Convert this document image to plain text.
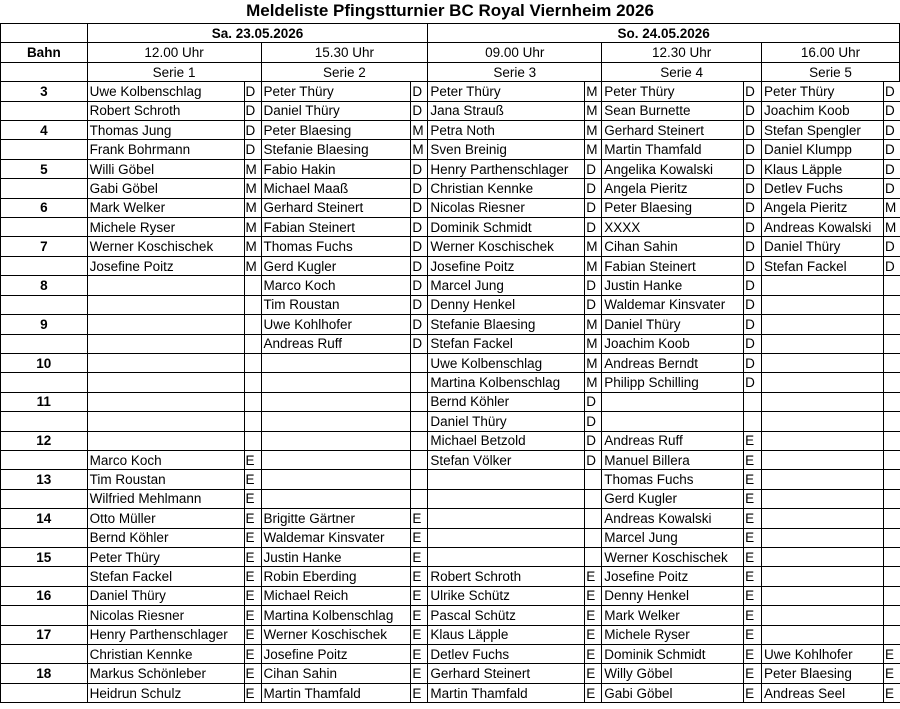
Meldeliste Pfingstturnier BC Royal Viernheim 2026
	Sa. 23.05.2026				So. 24.05.2026					
Bahn	12.00 Uhr		15.30 Uhr		09.00 Uhr		12.30 Uhr		16.00 Uhr	
	Serie 1		Serie 2		Serie 3		Serie 4		Serie 5	
3	Uwe Kolbenschlag	D	Peter Thüry	D	Peter Thüry	M	Peter Thüry	D	Peter Thüry	D
	Robert Schroth	D	Daniel Thüry	D	Jana Strauß	M	Sean Burnette	D	Joachim Koob	D
4	Thomas Jung	D	Peter Blaesing	M	Petra Noth	M	Gerhard Steinert	D	Stefan Spengler	D
	Frank Bohrmann	D	Stefanie Blaesing	M	Sven Breinig	M	Martin Thamfald	D	Daniel Klumpp	D
5	Willi Göbel	M	Fabio Hakin	D	Henry Parthenschlager	D	Angelika Kowalski	D	Klaus Läpple	D
	Gabi Göbel	M	Michael Maaß	D	Christian Kennke	D	Angela Pieritz	D	Detlev Fuchs	D
6	Mark Welker	M	Gerhard Steinert	D	Nicolas Riesner	D	Peter Blaesing	D	Angela Pieritz	M
	Michele Ryser	M	Fabian Steinert	D	Dominik Schmidt	D	XXXX	D	Andreas Kowalski	M
7	Werner Koschischek	M	Thomas Fuchs	D	Werner Koschischek	M	Cihan Sahin	D	Daniel Thüry	D
	Josefine Poitz	M	Gerd Kugler	D	Josefine Poitz	M	Fabian Steinert	D	Stefan Fackel	D
8			Marco Koch	D	Marcel Jung	D	Justin Hanke	D		
			Tim Roustan	D	Denny Henkel	D	Waldemar Kinsvater	D		
9			Uwe Kohlhofer	D	Stefanie Blaesing	M	Daniel Thüry	D		
			Andreas Ruff	D	Stefan Fackel	M	Joachim Koob	D		
10					Uwe Kolbenschlag	M	Andreas Berndt	D		
					Martina Kolbenschlag	M	Philipp Schilling	D		
11					Bernd Köhler	D				
					Daniel Thüry	D				
12					Michael Betzold	D	Andreas Ruff	E		
	Marco Koch	E			Stefan Völker	D	Manuel Billera	E		
13	Tim Roustan	E					Thomas Fuchs	E		
	Wilfried Mehlmann	E					Gerd Kugler	E		
14	Otto Müller	E	Brigitte Gärtner	E			Andreas Kowalski	E		
	Bernd Köhler	E	Waldemar Kinsvater	E			Marcel Jung	E		
15	Peter Thüry	E	Justin Hanke	E			Werner Koschischek	E		
	Stefan Fackel	E	Robin Eberding	E	Robert Schroth	E	Josefine Poitz	E		
16	Daniel Thüry	E	Michael Reich	E	Ulrike Schütz	E	Denny Henkel	E		
	Nicolas Riesner	E	Martina Kolbenschlag	E	Pascal Schütz	E	Mark Welker	E		
17	Henry Parthenschlager	E	Werner Koschischek	E	Klaus Läpple	E	Michele Ryser	E		
	Christian Kennke	E	Josefine Poitz	E	Detlev Fuchs	E	Dominik Schmidt	E	Uwe Kohlhofer	E
18	Markus Schönleber	E	Cihan Sahin	E	Gerhard Steinert	E	Willy Göbel	E	Peter Blaesing	E
	Heidrun Schulz	E	Martin Thamfald	E	Martin Thamfald	E	Gabi Göbel	E	Andreas Seel	E
